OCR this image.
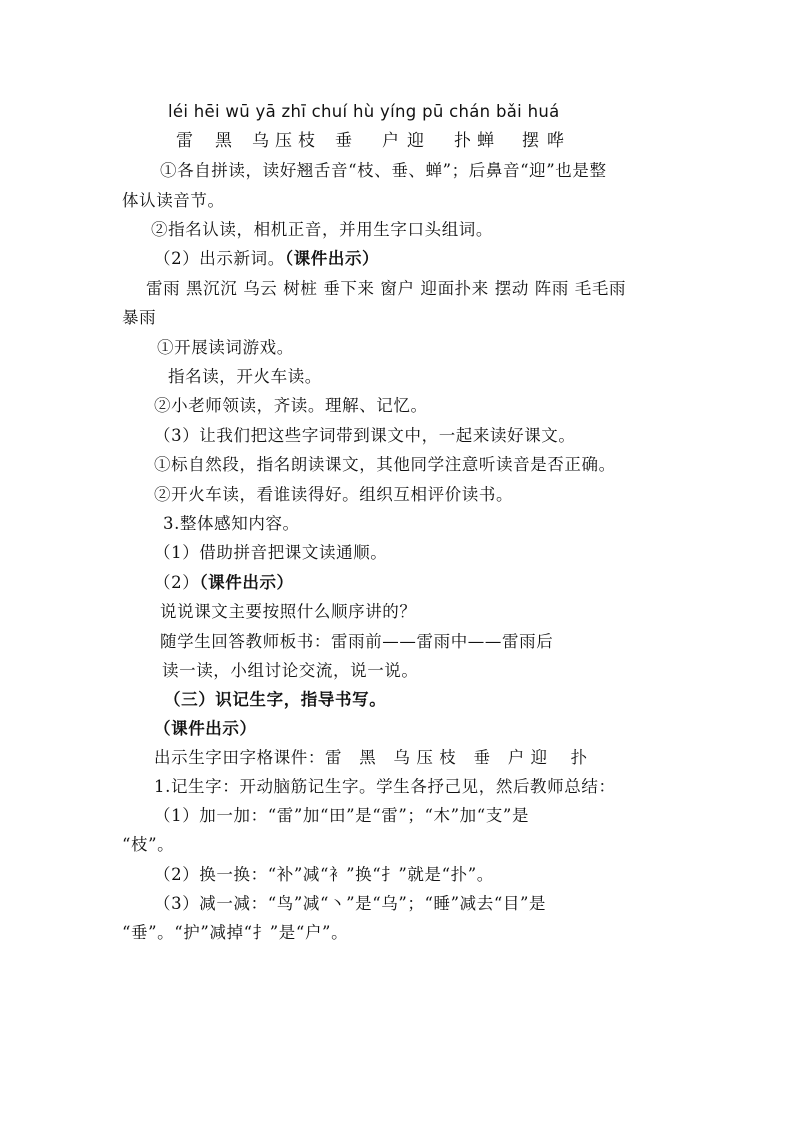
léi hēi wū yā zhī chuí hù yíng pū chán bǎi huá
雷 黑 乌 压 枝 垂 户 迎 扑 蝉 摆 哗
①各自拼读，读好翘舌音“枝、垂、蝉”；后鼻音“迎”也是整
体认读音节。
②指名认读，相机正音，并用生字口头组词。
（2）出示新词。（课件出示）
雷雨 黑沉沉 乌云 树桩 垂下来 窗户 迎面扑来 摆动 阵雨 毛毛雨
暴雨
①开展读词游戏。
指名读，开火车读。
②小老师领读，齐读。理解、记忆。
（3）让我们把这些字词带到课文中，一起来读好课文。
①标自然段，指名朗读课文，其他同学注意听读音是否正确。
②开火车读，看谁读得好。组织互相评价读书。
3.整体感知内容。
（1）借助拼音把课文读通顺。
（2）（课件出示）
说说课文主要按照什么顺序讲的？
随学生回答教师板书：雷雨前——雷雨中——雷雨后
读一读，小组讨论交流，说一说。
（三）识记生字，指导书写。
（课件出示）
出示生字田字格课件：雷　黑　乌 压 枝　垂　户 迎　 扑
1.记生字：开动脑筋记生字。学生各抒己见，然后教师总结：
（1）加一加：“雷”加“田”是“雷”；“木”加“支”是
“枝”。
（2）换一换：“补”减“衤”换“扌”就是“扑”。
（3）减一减：“鸟”减“丶”是“乌”；“睡”减去“目”是
“垂”。“护”减掉“扌”是“户”。
